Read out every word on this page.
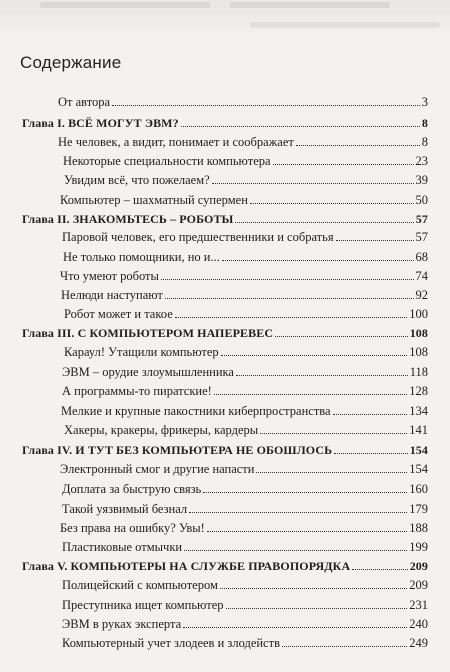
Содержание
От автора	3
Глава I. ВСЁ МОГУТ ЭВМ?	8
Не человек, а видит, понимает и соображает	8
Некоторые специальности компьютера	23
Увидим всё, что пожелаем?	39
Компьютер – шахматный супермен	50
Глава II. ЗНАКОМЬТЕСЬ – РОБОТЫ	57
Паровой человек, его предшественники и собратья	57
Не только помощники, но и...	68
Что умеют роботы	74
Нелюди наступают	92
Робот может и такое	100
Глава III. С КОМПЬЮТЕРОМ НАПЕРЕВЕС	108
Караул! Утащили компьютер	108
ЭВМ – орудие злоумышленника	118
А программы-то пиратские!	128
Мелкие и крупные пакостники киберпространства	134
Хакеры, кракеры, фрикеры, кардеры	141
Глава IV. И ТУТ БЕЗ КОМПЬЮТЕРА НЕ ОБОШЛОСЬ	154
Электронный смог и другие напасти	154
Доплата за быструю связь	160
Такой уязвимый безнал	179
Без права на ошибку? Увы!	188
Пластиковые отмычки	199
Глава V. КОМПЬЮТЕРЫ НА СЛУЖБЕ ПРАВОПОРЯДКА	209
Полицейский с компьютером	209
Преступника ищет компьютер	231
ЭВМ в руках эксперта	240
Компьютерный учет злодеев и злодейств	249
